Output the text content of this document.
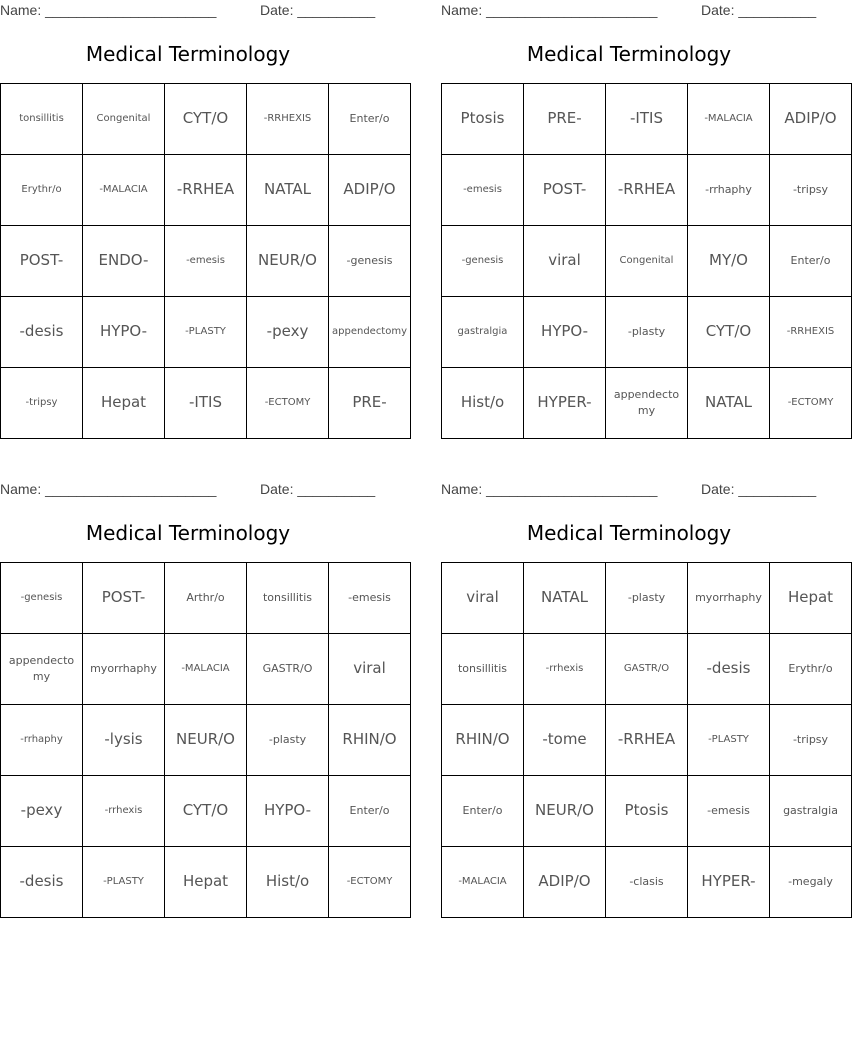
Name: ______________________	Date: __________
Medical Terminology
tonsillitis	Congenital	CYT/O	-RRHEXIS	Enter/o
Erythr/o	-MALACIA	-RRHEA	NATAL	ADIP/O
POST-	ENDO-	-emesis	NEUR/O	-genesis
-desis	HYPO-	-PLASTY	-pexy	appendectomy
-tripsy	Hepat	-ITIS	-ECTOMY	PRE-
Name: ______________________	Date: __________
Medical Terminology
Ptosis	PRE-	-ITIS	-MALACIA	ADIP/O
-emesis	POST-	-RRHEA	-rrhaphy	-tripsy
-genesis	viral	Congenital	MY/O	Enter/o
gastralgia	HYPO-	-plasty	CYT/O	-RRHEXIS
Hist/o	HYPER-	appendectomy	NATAL	-ECTOMY
Name: ______________________	Date: __________
Medical Terminology
-genesis	POST-	Arthr/o	tonsillitis	-emesis
appendectomy	myorrhaphy	-MALACIA	GASTR/O	viral
-rrhaphy	-lysis	NEUR/O	-plasty	RHIN/O
-pexy	-rrhexis	CYT/O	HYPO-	Enter/o
-desis	-PLASTY	Hepat	Hist/o	-ECTOMY
Name: ______________________	Date: __________
Medical Terminology
viral	NATAL	-plasty	myorrhaphy	Hepat
tonsillitis	-rrhexis	GASTR/O	-desis	Erythr/o
RHIN/O	-tome	-RRHEA	-PLASTY	-tripsy
Enter/o	NEUR/O	Ptosis	-emesis	gastralgia
-MALACIA	ADIP/O	-clasis	HYPER-	-megaly
